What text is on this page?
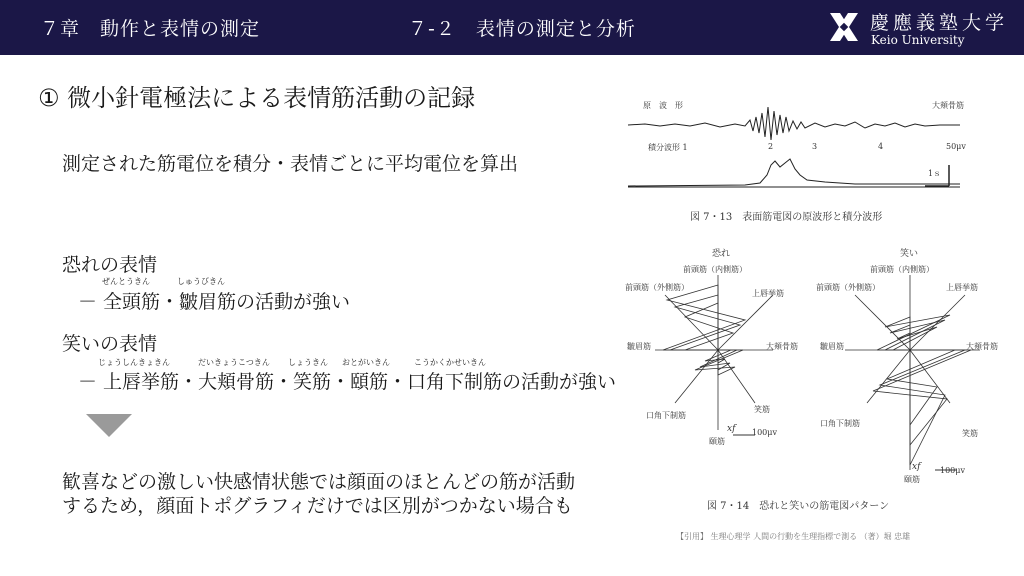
７章　動作と表情の測定	７-２　表情の測定と分析	慶應義塾大学
Keio University
① 微小針電極法による表情筋活動の記録
測定された筋電位を積分・表情ごとに平均電位を算出
恐れの表情
ぜんとうきん	しゅうびきん
－ 全頭筋・皺眉筋の活動が強い
笑いの表情
じょうしんきょきん	だいきょうこつきん しょうきん おとがいきん	こうかくかせいきん
－ 上唇挙筋・大頬骨筋・笑筋・頤筋・口角下制筋の活動が強い
歓喜などの激しい快感情状態では顔面のほとんどの筋が活動
するため，顔面トポグラフィだけでは区別がつかない場合も
原　波　形	大頬骨筋
積分波形 1	2	3	4	50μv
1ｓ
図 7・13　表面筋電図の原波形と積分波形
恐れ	笑い
前頭筋（内側筋）
前頭筋（外側筋）
上唇挙筋
皺眉筋	大頬骨筋
口角下制筋
笑筋
頤筋
xf 100μv
前頭筋（内側筋）
前頭筋（外側筋）	上唇挙筋
皺眉筋	大頬骨筋
口角下制筋
笑筋
頤筋
xf 100μv
図 7・14　恐れと笑いの筋電図パターン
【引用】 生理心理学 人間の行動を生理指標で測る （著）堀 忠雄
